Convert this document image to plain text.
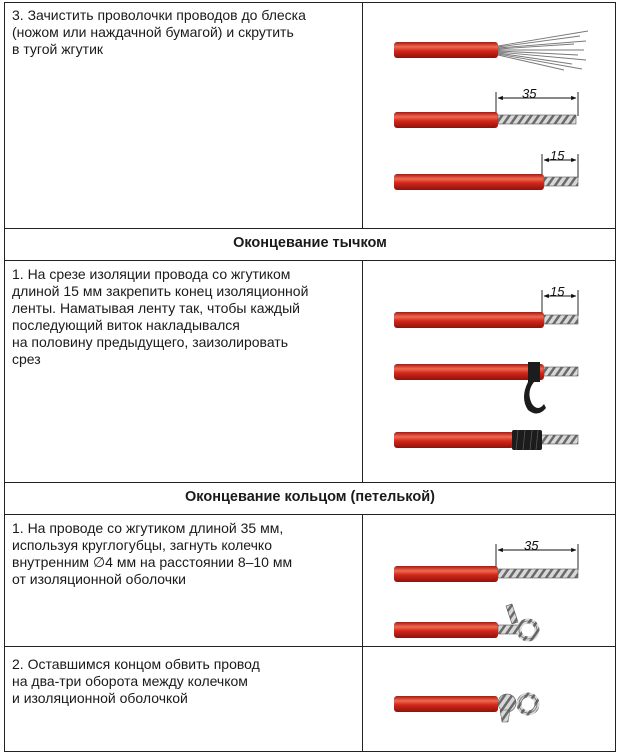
3. Зачистить проволочки проводов до блеска
(ножом или наждачной бумагой) и скрутить
в тугой жгутик
35
15
Оконцевание тычком
1. На срезе изоляции провода со жгутиком
длиной 15 мм закрепить конец изоляционной
ленты. Наматывая ленту так, чтобы каждый
последующий виток накладывался
на половину предыдущего, заизолировать
срез
15
Оконцевание кольцом (петелькой)
1. На проводе со жгутиком длиной 35 мм,
используя круглогубцы, загнуть колечко
внутренним ∅4 мм на расстоянии 8–10 мм
от изоляционной оболочки
35
2. Оставшимся концом обвить провод
на два-три оборота между колечком
и изоляционной оболочкой
